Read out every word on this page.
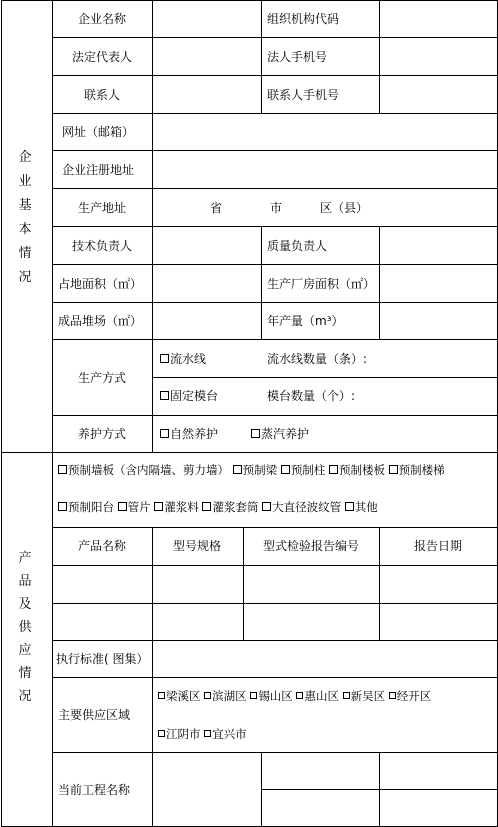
企
业
基
本
情
况
产
品
及
供
应
情
况
企业名称	组织机构代码
法定代表人	法人手机号
联系人	联系人手机号
网址（邮箱）
企业注册地址
生产地址	省	市	区（县）
技术负责人	质量负责人
占地面积（㎡）	生产厂房面积（㎡）
成品堆场（㎡）	年产量（m³）
生产方式
流水线	流水线数量（条）:
固定模台	模台数量（个）:
养护方式	自然养护	蒸汽养护
预制墙板（含内隔墙、剪力墙） 预制梁 预制柱 预制楼板 预制楼梯
预制阳台 管片 灌浆料 灌浆套筒 大直径波纹管 其他
产品名称	型号规格	型式检验报告编号	报告日期
执行标准( 图集）
主要供应区域
梁溪区 滨湖区 锡山区 惠山区 新吴区 经开区
江阴市 宜兴市
当前工程名称
